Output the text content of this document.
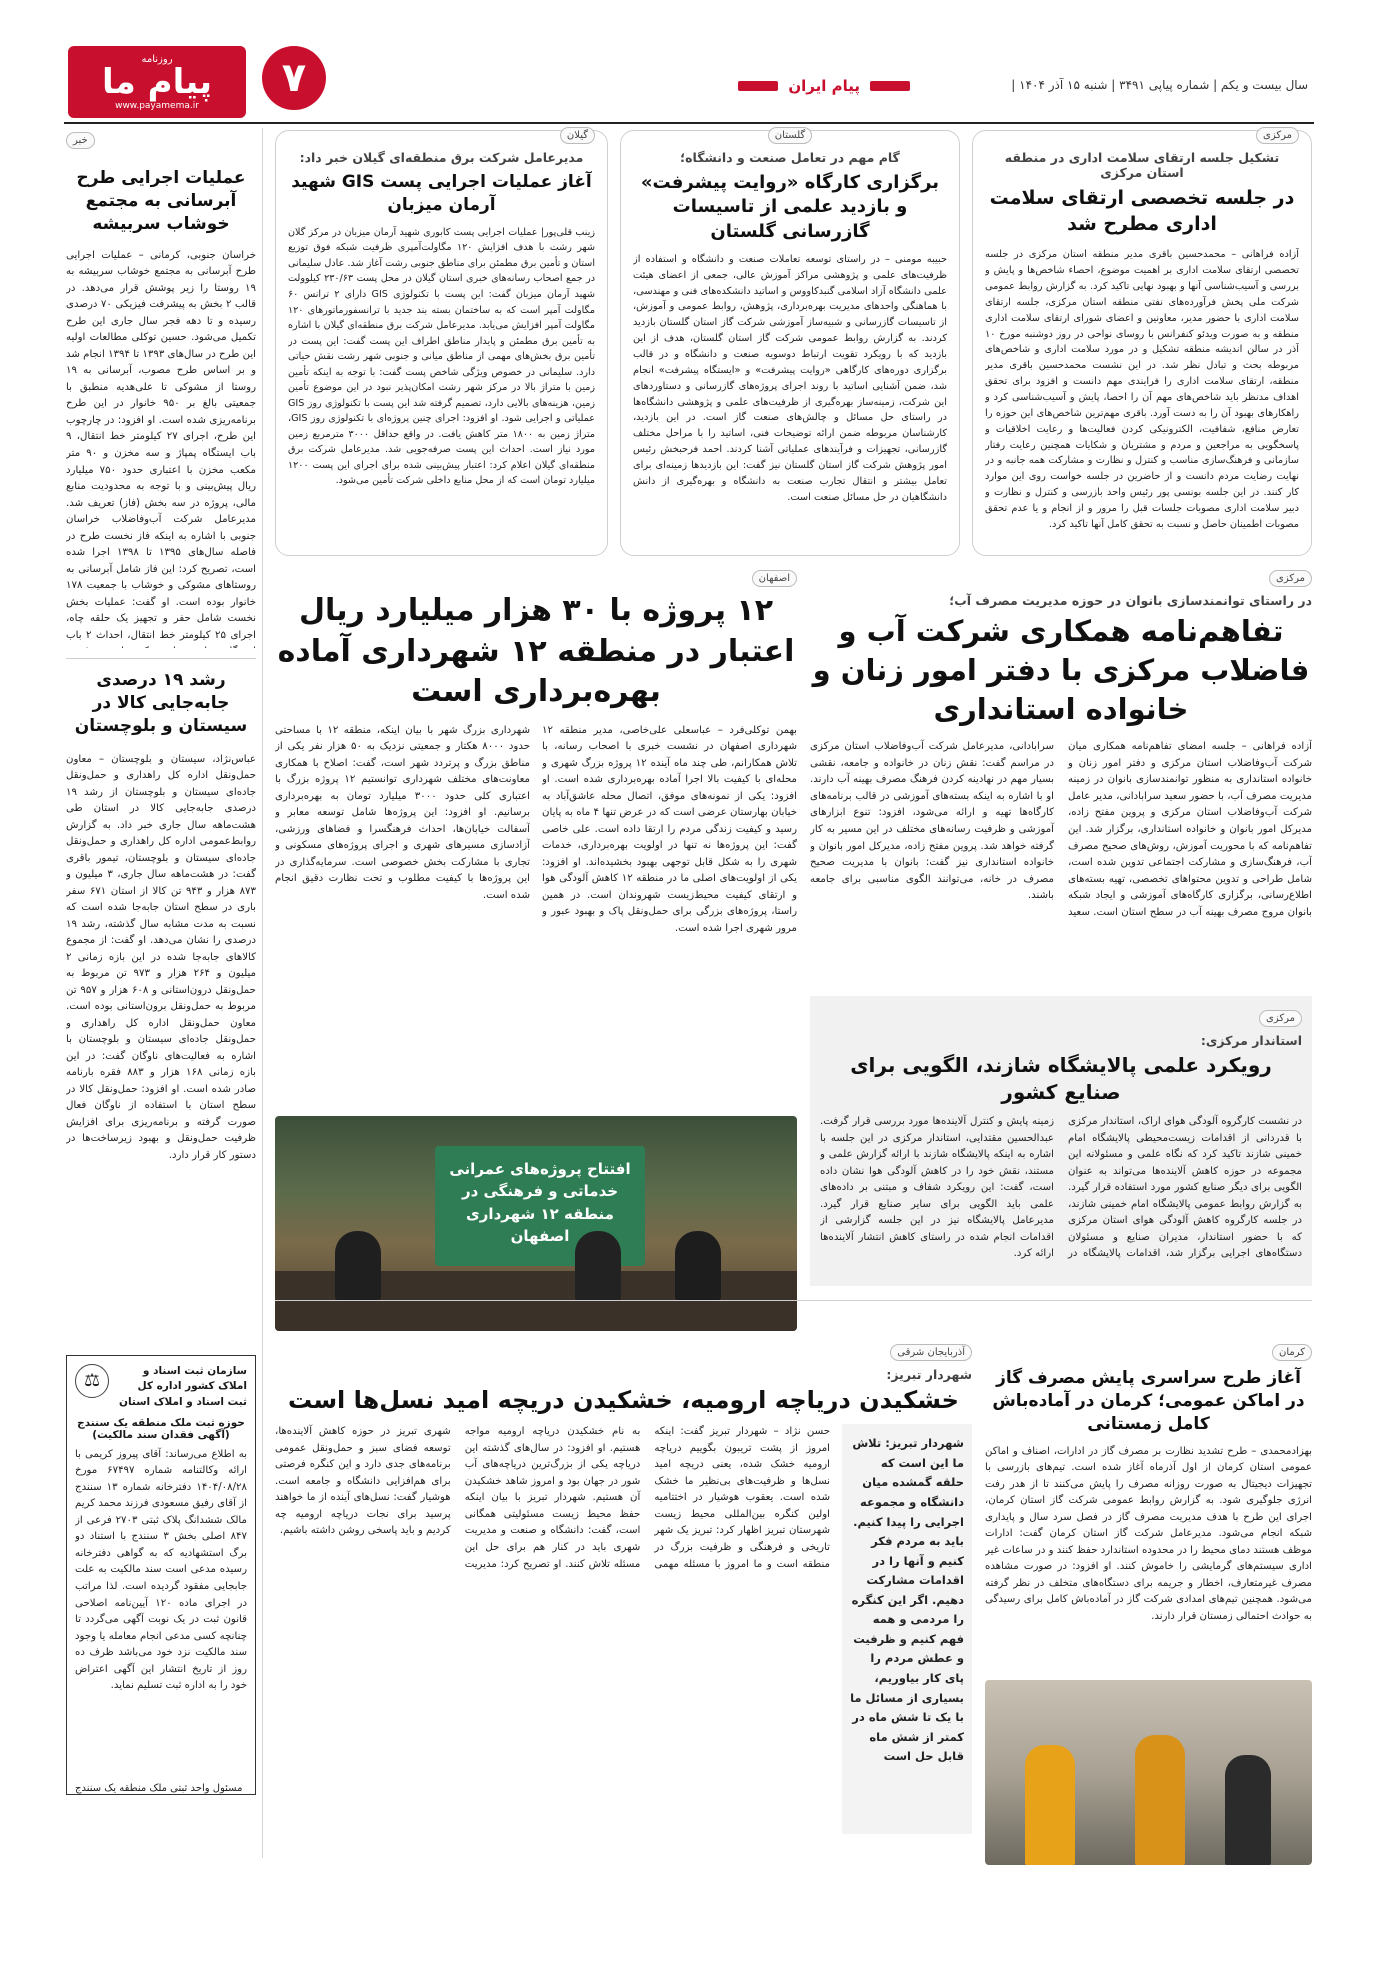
سال بیست و یکم | شماره پیاپی ۳۴۹۱ | شنبه ۱۵ آذر ۱۴۰۴ |
پیام ایران
۷
روزنامه
پیام ما
www.payamema.ir
خبر
عملیات اجرایی طرح آبرسانی به مجتمع خوشاب سربیشه
خراسان جنوبی، کرمانی – عملیات اجرایی طرح آبرسانی به مجتمع خوشاب سربیشه به ۱۹ روستا را زیر پوشش قرار می‌دهد. در قالب ۲ بخش به پیشرفت فیزیکی ۷۰ درصدی رسیده و تا دهه فجر سال جاری این طرح تکمیل می‌شود. حسین توکلی مطالعات اولیه این طرح در سال‌های ۱۳۹۳ تا ۱۳۹۴ انجام شد و بر اساس طرح مصوب، آبرسانی به ۱۹ روستا از مشوکی تا علی‌هدیه منطبق با جمعیتی بالغ بر ۹۵۰ خانوار در این طرح برنامه‌ریزی شده است. او افزود: در چارچوب این طرح، اجرای ۲۷ کیلومتر خط انتقال، ۹ باب ایستگاه پمپاژ و سه مخزن و ۹۰ متر مکعب مخزن با اعتباری حدود ۷۵۰ میلیارد ریال پیش‌بینی و با توجه به محدودیت منابع مالی، پروژه در سه بخش (فاز) تعریف شد. مدیرعامل شرکت آب‌وفاضلاب خراسان جنوبی با اشاره به اینکه فاز نخست طرح در فاصله سال‌های ۱۳۹۵ تا ۱۳۹۸ اجرا شده است، تصریح کرد: این فاز شامل آبرسانی به روستاهای مشوکی و خوشاب با جمعیت ۱۷۸ خانوار بوده است. او گفت: عملیات بخش نخست شامل حفر و تجهیز یک حلقه چاه، اجرای ۲۵ کیلومتر خط انتقال، احداث ۲ باب
رشد ۱۹ درصدی جابه‌جایی کالا در سیستان و بلوچستان
عباس‌نژاد، سیستان و بلوچستان – معاون حمل‌ونقل اداره کل راهداری و حمل‌ونقل جاده‌ای سیستان و بلوچستان از رشد ۱۹ درصدی جابه‌جایی کالا در استان طی هشت‌ماهه سال جاری خبر داد. به گزارش روابط‌عمومی اداره کل راهداری و حمل‌ونقل جاده‌ای سیستان و بلوچستان، تیمور باقری گفت: در هشت‌ماهه سال جاری، ۳ میلیون و ۸۷۳ هزار و ۹۴۳ تن کالا از استان ۶۷۱ سفر باری در سطح استان جابه‌جا شده است که نسبت به مدت مشابه سال گذشته، رشد ۱۹ درصدی را نشان می‌دهد. او گفت: از مجموع کالاهای جابه‌جا شده در این بازه زمانی ۲ میلیون و ۲۶۴ هزار و ۹۷۳ تن مربوط به حمل‌ونقل درون‌استانی و ۶۰۸ هزار و ۹۵۷ تن مربوط به حمل‌ونقل برون‌استانی بوده است. معاون حمل‌ونقل اداره کل راهداری و حمل‌ونقل جاده‌ای سیستان و بلوچستان با اشاره به فعالیت‌های ناوگان گفت: در این بازه زمانی ۱۶۸ هزار و ۸۸۳ فقره بارنامه صادر شده است. او افزود: حمل‌ونقل کالا در سطح استان با استفاده از ناوگان فعال صورت گرفته و برنامه‌ریزی برای افزایش ظرفیت حمل‌ونقل و بهبود زیرساخت‌ها در دستور کار قرار دارد.
سازمان ثبت اسناد و املاک کشور اداره کل ثبت اسناد و املاک استان
⚖
حوزه ثبت ملک منطقه یک سنندج (آگهی فقدان سند مالکیت)
به اطلاع می‌رساند: آقای پیروز کریمی با ارائه وکالتنامه شماره ۶۷۴۹۷ مورخ ۱۴۰۴/۰۸/۲۸ دفترخانه شماره ۱۳ سنندج از آقای رفیق مسعودی فرزند محمد کریم مالک ششدانگ پلاک ثبتی ۲۷۰۳ فرعی از ۸۴۷ اصلی بخش ۳ سنندج با استناد دو برگ استشهادیه که به گواهی دفترخانه رسیده مدعی است سند مالکیت به علت جابجایی مفقود گردیده است. لذا مراتب در اجرای ماده ۱۲۰ آیین‌نامه اصلاحی قانون ثبت در یک نوبت آگهی می‌گردد تا چنانچه کسی مدعی انجام معامله یا وجود سند مالکیت نزد خود می‌باشد ظرف ده روز از تاریخ انتشار این آگهی اعتراض خود را به اداره ثبت تسلیم نماید.
مسئول واحد ثبتی ملک منطقه یک سنندج
گیلان
مدیرعامل شرکت برق منطقه‌ای گیلان خبر داد:
آغاز عملیات اجرایی پست GIS شهید آرمان میزبان
زینب قلی‌پور| عملیات اجرایی پست کابوری شهید آرمان میزبان در مرکز گلان شهر رشت با هدف افزایش ۱۲۰ مگاولت‌آمپری ظرفیت شبکه فوق توزیع استان و تأمین برق مطمئن برای مناطق جنوبی رشت آغاز شد. عادل سلیمانی در جمع اصحاب رسانه‌های خبری استان گیلان در محل پست ۲۳۰/۶۳ کیلوولت شهید آرمان میزبان گفت: این پست با تکنولوژی GIS دارای ۲ ترانس ۶۰ مگاولت آمپر است که به ساختمان بسته بند جدید با ترانسفورماتورهای ۱۲۰ مگاولت آمپر افزایش می‌یابد. مدیرعامل شرکت برق منطقه‌ای گیلان با اشاره به تأمین برق مطمئن و پایدار مناطق اطراف این پست گفت: این پست در تأمین برق بخش‌های مهمی از مناطق میانی و جنوبی شهر رشت نقش حیاتی دارد. سلیمانی در خصوص ویژگی شاخص پست گفت: با توجه به اینکه تأمین زمین با متراژ بالا در مرکز شهر رشت امکان‌پذیر نبود در این موضوع تأمین زمین، هزینه‌های بالایی دارد، تصمیم گرفته شد این پست با تکنولوژی روز GIS عملیاتی و اجرایی شود. او افزود: اجرای چنین پروژه‌ای با تکنولوژی روز GIS، متراژ زمین به ۱۸۰۰ متر کاهش یافت. در واقع حداقل ۳۰۰۰ مترمربع زمین مورد نیاز است. احداث این پست صرفه‌جویی شد. مدیرعامل شرکت برق منطقه‌ای گیلان اعلام کرد: اعتبار پیش‌بینی شده برای اجرای این پست ۱۲۰۰ میلیارد تومان است که از محل منابع داخلی شرکت تأمین می‌شود.
گلستان
گام مهم در تعامل صنعت و دانشگاه؛
برگزاری کارگاه «روایت پیشرفت» و بازدید علمی از تاسیسات گازرسانی گلستان
حبیبه مومنی – در راستای توسعه تعاملات صنعت و دانشگاه و استفاده از ظرفیت‌های علمی و پژوهشی مراکز آموزش عالی، جمعی از اعضای هیئت علمی دانشگاه آزاد اسلامی گنبدکاووس و اساتید دانشکده‌های فنی و مهندسی، با هماهنگی واحدهای مدیریت بهره‌برداری، پژوهش، روابط عمومی و آموزش، از تاسیسات گازرسانی و شبیه‌ساز آموزشی شرکت گاز استان گلستان بازدید کردند. به گزارش روابط عمومی شرکت گاز استان گلستان، هدف از این بازدید که با رویکرد تقویت ارتباط دوسویه صنعت و دانشگاه و در قالب برگزاری دوره‌های کارگاهی «روایت پیشرفت» و «ایستگاه پیشرفت» انجام شد، ضمن آشنایی اساتید با روند اجرای پروژه‌های گازرسانی و دستاوردهای این شرکت، زمینه‌ساز بهره‌گیری از ظرفیت‌های علمی و پژوهشی دانشگاه‌ها در راستای حل مسائل و چالش‌های صنعت گاز است. در این بازدید، کارشناسان مربوطه ضمن ارائه توضیحات فنی، اساتید را با مراحل مختلف گازرسانی، تجهیزات و فرآیندهای عملیاتی آشنا کردند. احمد فرحبخش رئیس امور پژوهش شرکت گاز استان گلستان نیز گفت: این بازدیدها زمینه‌ای برای تعامل بیشتر و انتقال تجارب صنعت به دانشگاه و بهره‌گیری از دانش دانشگاهیان در حل مسائل صنعت است.
مرکزی
تشکیل جلسه ارتقای سلامت اداری در منطقه استان مرکزی
در جلسه تخصصی ارتقای سلامت اداری مطرح شد
آزاده فراهانی – محمدحسین باقری مدیر منطقه استان مرکزی در جلسه تخصصی ارتقای سلامت اداری بر اهمیت موضوع، احصاء شاخص‌ها و پایش و بررسی و آسیب‌شناسی آنها و بهبود نهایی تاکید کرد. به گزارش روابط عمومی شرکت ملی پخش فرآورده‌های نفتی منطقه استان مرکزی، جلسه ارتقای سلامت اداری با حضور مدیر، معاونین و اعضای شورای ارتقای سلامت اداری منطقه و به صورت ویدئو کنفرانس با روسای نواحی در روز دوشنبه مورخ ۱۰ آذر در سالن اندیشه منطقه تشکیل و در مورد سلامت اداری و شاخص‌های مربوطه بحث و تبادل نظر شد. در این نشست محمدحسین باقری مدیر منطقه، ارتقای سلامت اداری را فرایندی مهم دانست و افزود برای تحقق اهداف مدنظر باید شاخص‌های مهم آن را احصا، پایش و آسیب‌شناسی کرد و راهکارهای بهبود آن را به دست آورد. باقری مهم‌ترین شاخص‌های این حوزه را تعارض منافع، شفافیت، الکترونیکی کردن فعالیت‌ها و رعایت اخلاقیات و پاسخگویی به مراجعین و مردم و مشتریان و شکایات همچنین رعایت رفتار سازمانی و فرهنگ‌سازی مناسب و کنترل و نظارت و مشارکت همه جانبه و در نهایت رضایت مردم دانست و از حاضرین در جلسه خواست روی این موارد کار کنند. در این جلسه بونسی پور رئیس واحد بازرسی و کنترل و نظارت و دبیر سلامت اداری مصوبات جلسات قبل را مرور و از انجام و یا عدم تحقق مصوبات اطمینان حاصل و نسبت به تحقق کامل آنها تاکید کرد.
اصفهان
۱۲ پروژه با ۳۰ هزار میلیارد ریال اعتبار در منطقه ۱۲ شهرداری آماده بهره‌برداری است
بهمن توکلی‌فرد – عباسعلی علی‌خاصی، مدیر منطقه ۱۲ شهرداری اصفهان در نشست خبری با اصحاب رسانه، با تلاش همکارانم، طی چند ماه آینده ۱۲ پروژه بزرگ شهری و محله‌ای با کیفیت بالا اجرا آماده بهره‌برداری شده است. او افزود: یکی از نمونه‌های موفق، اتصال محله عاشق‌آباد به خیابان بهارستان عرضی است که در عرض تنها ۴ ماه به پایان رسید و کیفیت زندگی مردم را ارتقا داده است. علی خاصی گفت: این پروژه‌ها نه تنها در اولویت بهره‌برداری، خدمات شهری را به شکل قابل توجهی بهبود بخشیده‌اند. او افزود: یکی از اولویت‌های اصلی ما در منطقه ۱۲ کاهش آلودگی هوا و ارتقای کیفیت محیط‌زیست شهروندان است. در همین راستا، پروژه‌های بزرگی برای حمل‌ونقل پاک و بهبود عبور و مرور شهری اجرا شده است.
شهرداری بزرگ شهر با بیان اینکه، منطقه ۱۲ با مساحتی حدود ۸۰۰۰ هکتار و جمعیتی نزدیک به ۵۰ هزار نفر یکی از مناطق بزرگ و پرتردد شهر است، گفت: اصلاح با همکاری معاونت‌های مختلف شهرداری توانستیم ۱۲ پروژه بزرگ با اعتباری کلی حدود ۳۰۰۰ میلیارد تومان به بهره‌برداری برسانیم. او افزود: این پروژه‌ها شامل توسعه معابر و آسفالت خیابان‌ها، احداث فرهنگسرا و فضاهای ورزشی، آزادسازی مسیرهای شهری و اجرای پروژه‌های مسکونی و تجاری با مشارکت بخش خصوصی است. سرمایه‌گذاری در این پروژه‌ها با کیفیت مطلوب و تحت نظارت دقیق انجام شده است.
افتتاح پروژه‌های عمرانی خدماتی و فرهنگی در منطقه ۱۲ شهرداری اصفهان
مرکزی
در راستای توانمندسازی بانوان در حوزه مدیریت مصرف آب؛
تفاهم‌نامه همکاری شرکت آب و فاضلاب مرکزی با دفتر امور زنان و خانواده استانداری
آزاده فراهانی – جلسه امضای تفاهم‌نامه همکاری میان شرکت آب‌وفاضلاب استان مرکزی و دفتر امور زنان و خانواده استانداری به منظور توانمندسازی بانوان در زمینه مدیریت مصرف آب، با حضور سعید سرابادانی، مدیر عامل شرکت آب‌وفاضلاب استان مرکزی و پروین مفتح زاده، مدیرکل امور بانوان و خانواده استانداری، برگزار شد. این تفاهم‌نامه که با محوریت آموزش، روش‌های صحیح مصرف آب، فرهنگ‌سازی و مشارکت اجتماعی تدوین شده است، شامل طراحی و تدوین محتواهای تخصصی، تهیه بسته‌های اطلاع‌رسانی، برگزاری کارگاه‌های آموزشی و ایجاد شبکه بانوان مروج مصرف بهینه آب در سطح استان است. سعید سرابادانی، مدیرعامل شرکت آب‌وفاضلاب استان مرکزی در مراسم گفت: نقش زنان در خانواده و جامعه، نقشی بسیار مهم در نهادینه کردن فرهنگ مصرف بهینه آب دارند. او با اشاره به اینکه بسته‌های آموزشی در قالب برنامه‌های کارگاه‌ها تهیه و ارائه می‌شود، افزود: تنوع ابزارهای آموزشی و ظرفیت رسانه‌های مختلف در این مسیر به کار گرفته خواهد شد. پروین مفتح زاده، مدیرکل امور بانوان و خانواده استانداری نیز گفت: بانوان با مدیریت صحیح مصرف در خانه، می‌توانند الگوی مناسبی برای جامعه باشند.
مرکزی
استاندار مرکزی:
رویکرد علمی پالایشگاه شازند، الگویی برای صنایع کشور
در نشست کارگروه آلودگی هوای اراک، استاندار مرکزی با قدردانی از اقدامات زیست‌محیطی پالایشگاه امام خمینی شازند تاکید کرد که نگاه علمی و مسئولانه این مجموعه در حوزه کاهش آلاینده‌ها می‌تواند به عنوان الگویی برای دیگر صنایع کشور مورد استفاده قرار گیرد. به گزارش روابط عمومی پالایشگاه امام خمینی شازند، در جلسه کارگروه کاهش آلودگی هوای استان مرکزی که با حضور استاندار، مدیران صنایع و مسئولان دستگاه‌های اجرایی برگزار شد، اقدامات پالایشگاه در زمینه پایش و کنترل آلاینده‌ها مورد بررسی قرار گرفت. عبدالحسین مقتدایی، استاندار مرکزی در این جلسه با اشاره به اینکه پالایشگاه شازند با ارائه گزارش علمی و مستند، نقش خود را در کاهش آلودگی هوا نشان داده است، گفت: این رویکرد شفاف و مبتنی بر داده‌های علمی باید الگویی برای سایر صنایع قرار گیرد. مدیرعامل پالایشگاه نیز در این جلسه گزارشی از اقدامات انجام شده در راستای کاهش انتشار آلاینده‌ها ارائه کرد.
آذربایجان شرقی
شهردار تبریز:
خشکیدن دریاچه ارومیه، خشکیدن دریچه امید نسل‌ها است
شهردار تبریز: تلاش ما این است که حلقه گمشده میان دانشگاه و مجموعه اجرایی را پیدا کنیم. باید به مردم فکر کنیم و آنها را در اقدامات مشارکت دهیم. اگر این کنگره را مردمی و همه فهم کنیم و ظرفیت و عطش مردم را پای کار بیاوریم، بسیاری از مسائل ما با یک تا شش ماه در کمتر از شش ماه قابل حل است
حسن نژاد – شهردار تبریز گفت: اینکه امروز از پشت تریبون بگوییم دریاچه ارومیه خشک شده، یعنی دریچه امید نسل‌ها و ظرفیت‌های بی‌نظیر ما خشک شده است. یعقوب هوشیار در اختتامیه اولین کنگره بین‌المللی محیط زیست شهرستان تبریز اظهار کرد: تبریز یک شهر تاریخی و فرهنگی و ظرفیت بزرگ در منطقه است و ما امروز با مسئله مهمی به نام خشکیدن دریاچه ارومیه مواجه هستیم. او افزود: در سال‌های گذشته این دریاچه یکی از بزرگ‌ترین دریاچه‌های آب شور در جهان بود و امروز شاهد خشکیدن آن هستیم. شهردار تبریز با بیان اینکه حفظ محیط زیست مسئولیتی همگانی است، گفت: دانشگاه و صنعت و مدیریت شهری باید در کنار هم برای حل این مسئله تلاش کنند. او تصریح کرد: مدیریت شهری تبریز در حوزه کاهش آلاینده‌ها، توسعه فضای سبز و حمل‌ونقل عمومی برنامه‌های جدی دارد و این کنگره فرصتی برای هم‌افزایی دانشگاه و جامعه است. هوشیار گفت: نسل‌های آینده از ما خواهند پرسید برای نجات دریاچه ارومیه چه کردیم و باید پاسخی روشن داشته باشیم.
کرمان
آغاز طرح سراسری پایش مصرف گاز در اماکن عمومی؛ کرمان در آماده‌باش کامل زمستانی
بهزادمحمدی – طرح تشدید نظارت بر مصرف گاز در ادارات، اصناف و اماکن عمومی استان کرمان از اول آذرماه آغاز شده است. تیم‌های بازرسی با تجهیزات دیجیتال به صورت روزانه مصرف را پایش می‌کنند تا از هدر رفت انرژی جلوگیری شود. به گزارش روابط عمومی شرکت گاز استان کرمان، اجرای این طرح با هدف مدیریت مصرف گاز در فصل سرد سال و پایداری شبکه انجام می‌شود. مدیرعامل شرکت گاز استان کرمان گفت: ادارات موظف هستند دمای محیط را در محدوده استاندارد حفظ کنند و در ساعات غیر اداری سیستم‌های گرمایشی را خاموش کنند. او افزود: در صورت مشاهده مصرف غیرمتعارف، اخطار و جریمه برای دستگاه‌های متخلف در نظر گرفته می‌شود. همچنین تیم‌های امدادی شرکت گاز در آماده‌باش کامل برای رسیدگی به حوادث احتمالی زمستان قرار دارند.
